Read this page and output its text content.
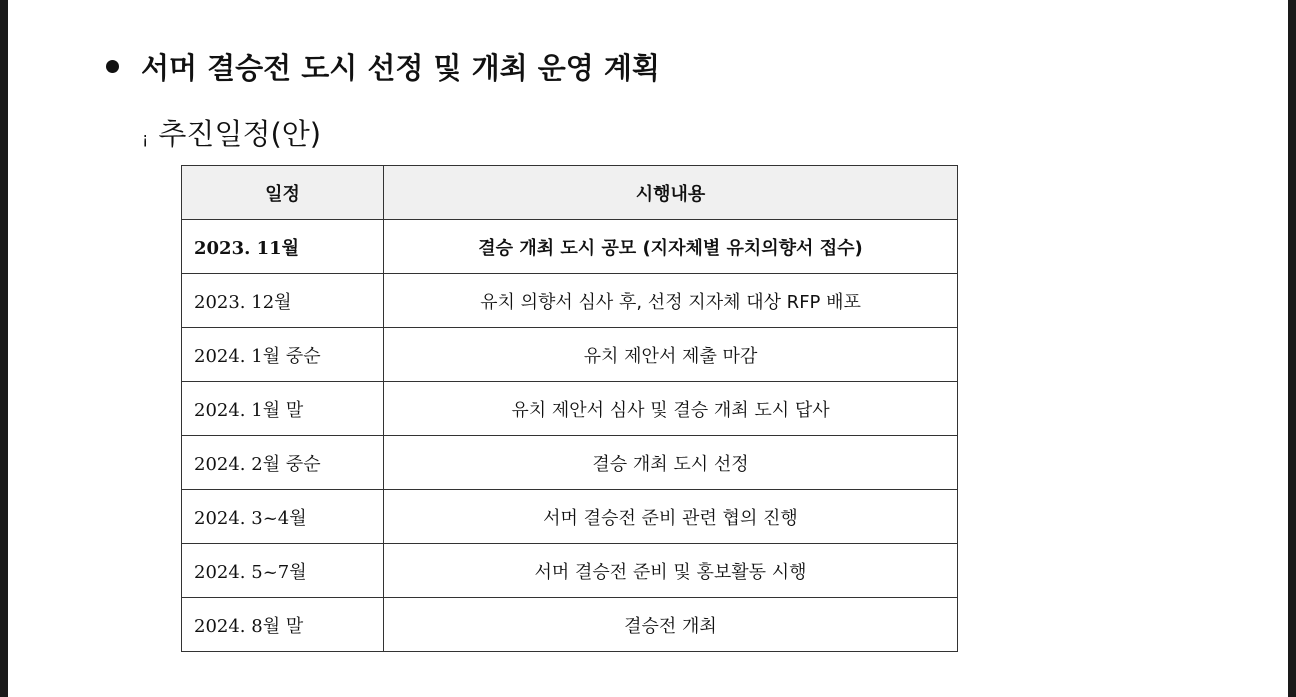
서머 결승전 도시 선정 및 개최 운영 계획
¡ 추진일정(안)
일정	시행내용
2023. 11월	결승 개최 도시 공모 (지자체별 유치의향서 접수)
2023. 12월	유치 의향서 심사 후, 선정 지자체 대상 RFP 배포
2024. 1월 중순	유치 제안서 제출 마감
2024. 1월 말	유치 제안서 심사 및 결승 개최 도시 답사
2024. 2월 중순	결승 개최 도시 선정
2024. 3~4월	서머 결승전 준비 관련 협의 진행
2024. 5~7월	서머 결승전 준비 및 홍보활동 시행
2024. 8월 말	결승전 개최
